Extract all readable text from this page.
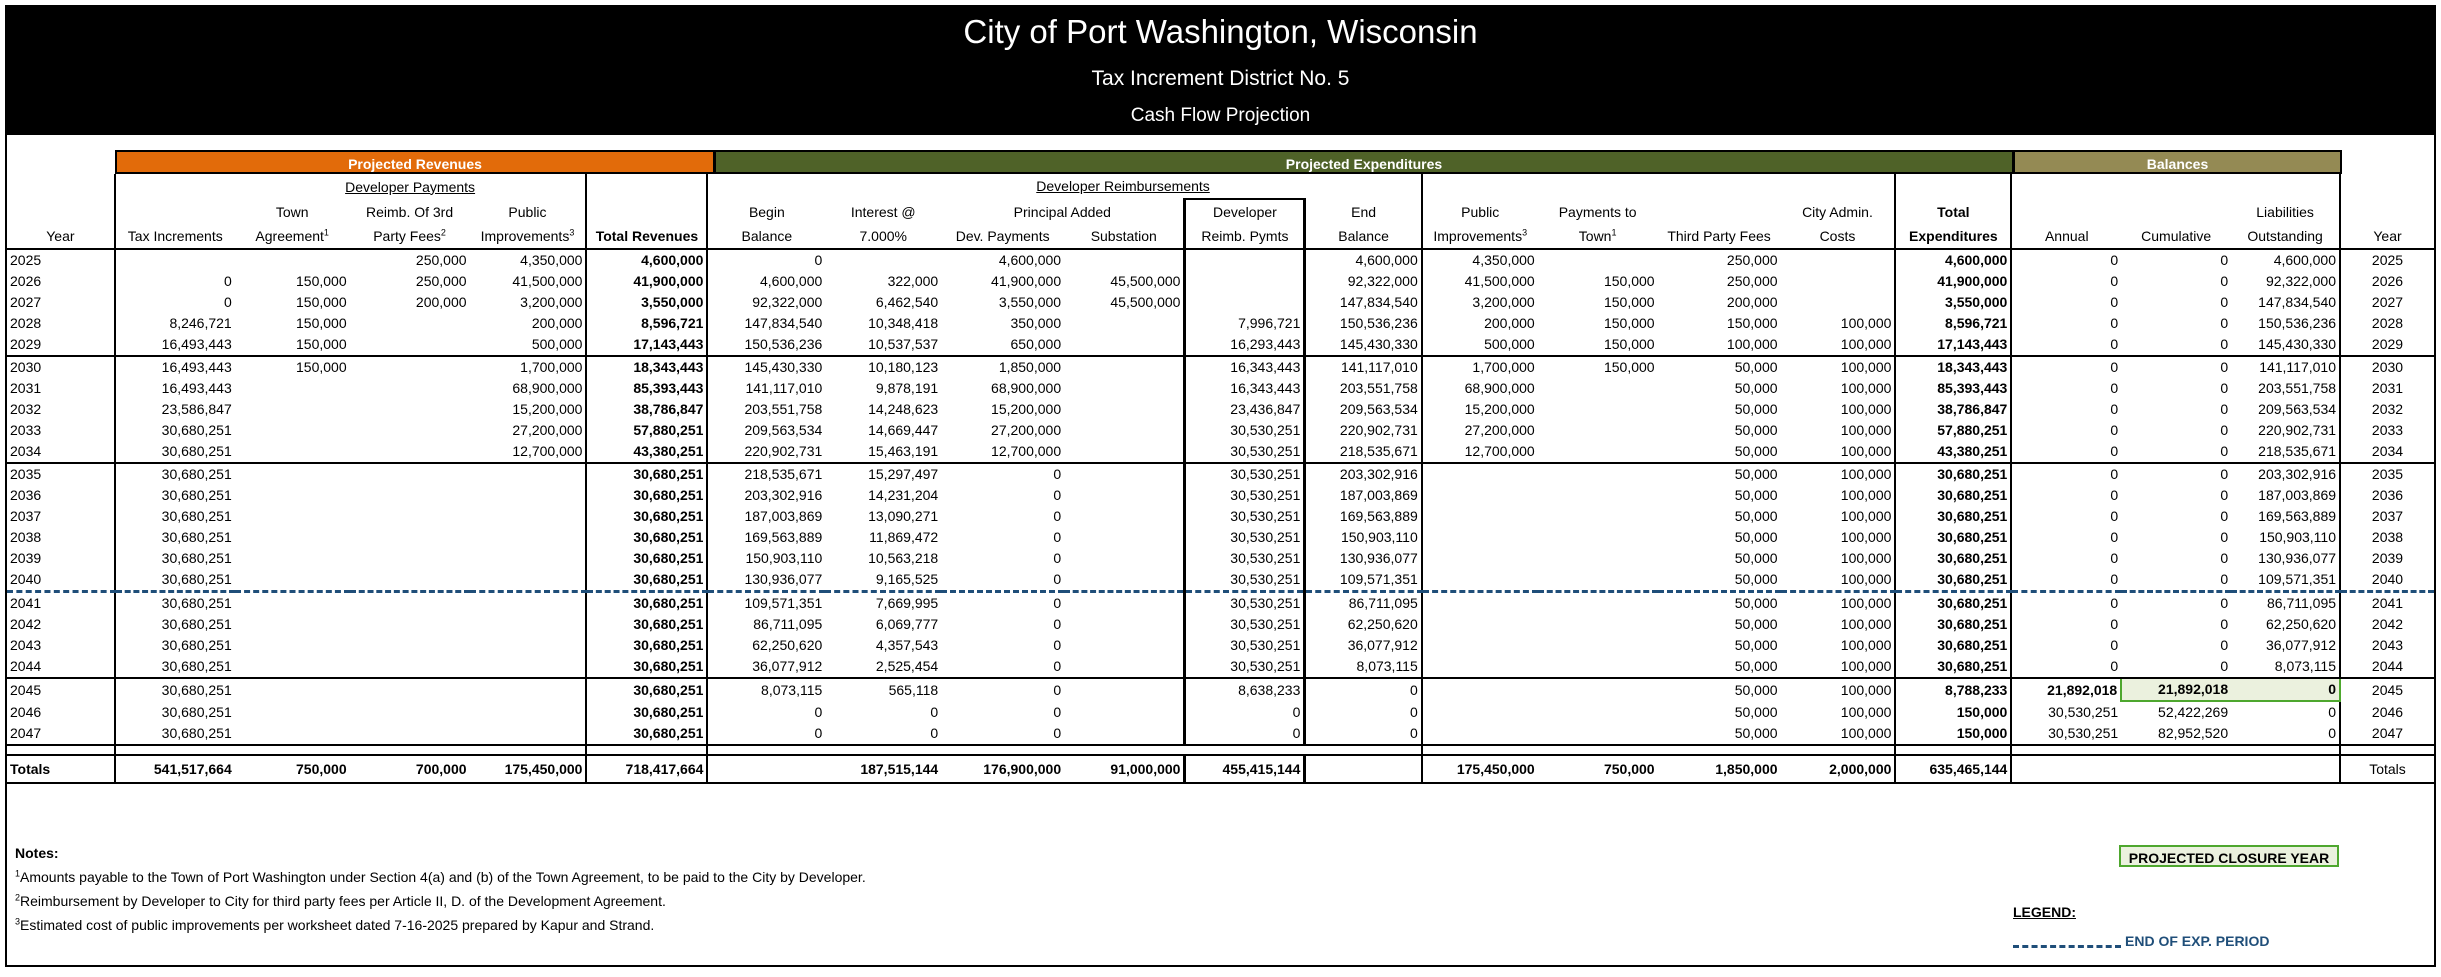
City of Port Washington, Wisconsin
Tax Increment District No. 5
Cash Flow Projection
Projected Revenues	Projected Expenditures	Balances
		Developer Payments						Developer Reimbursements												
		Town	Reimb. Of 3rd	Public		Begin	Interest @	Principal Added		Developer	End	Public	Payments to		City Admin.	Total			Liabilities	
Year	Tax Increments	Agreement$^1$	Party Fees$^2$	Improvements$^3$	Total Revenues	Balance	7.000%	Dev. Payments	Substation	Reimb. Pymts	Balance	Improvements$^3$	Town$^1$	Third Party Fees	Costs	Expenditures	Annual	Cumulative	Outstanding	Year
2025			250,000	4,350,000	4,600,000	0		4,600,000			4,600,000	4,350,000		250,000		4,600,000	0	0	4,600,000	2025
2026	0	150,000	250,000	41,500,000	41,900,000	4,600,000	322,000	41,900,000	45,500,000		92,322,000	41,500,000	150,000	250,000		41,900,000	0	0	92,322,000	2026
2027	0	150,000	200,000	3,200,000	3,550,000	92,322,000	6,462,540	3,550,000	45,500,000		147,834,540	3,200,000	150,000	200,000		3,550,000	0	0	147,834,540	2027
2028	8,246,721	150,000		200,000	8,596,721	147,834,540	10,348,418	350,000		7,996,721	150,536,236	200,000	150,000	150,000	100,000	8,596,721	0	0	150,536,236	2028
2029	16,493,443	150,000		500,000	17,143,443	150,536,236	10,537,537	650,000		16,293,443	145,430,330	500,000	150,000	100,000	100,000	17,143,443	0	0	145,430,330	2029
2030	16,493,443	150,000		1,700,000	18,343,443	145,430,330	10,180,123	1,850,000		16,343,443	141,117,010	1,700,000	150,000	50,000	100,000	18,343,443	0	0	141,117,010	2030
2031	16,493,443			68,900,000	85,393,443	141,117,010	9,878,191	68,900,000		16,343,443	203,551,758	68,900,000		50,000	100,000	85,393,443	0	0	203,551,758	2031
2032	23,586,847			15,200,000	38,786,847	203,551,758	14,248,623	15,200,000		23,436,847	209,563,534	15,200,000		50,000	100,000	38,786,847	0	0	209,563,534	2032
2033	30,680,251			27,200,000	57,880,251	209,563,534	14,669,447	27,200,000		30,530,251	220,902,731	27,200,000		50,000	100,000	57,880,251	0	0	220,902,731	2033
2034	30,680,251			12,700,000	43,380,251	220,902,731	15,463,191	12,700,000		30,530,251	218,535,671	12,700,000		50,000	100,000	43,380,251	0	0	218,535,671	2034
2035	30,680,251				30,680,251	218,535,671	15,297,497	0		30,530,251	203,302,916			50,000	100,000	30,680,251	0	0	203,302,916	2035
2036	30,680,251				30,680,251	203,302,916	14,231,204	0		30,530,251	187,003,869			50,000	100,000	30,680,251	0	0	187,003,869	2036
2037	30,680,251				30,680,251	187,003,869	13,090,271	0		30,530,251	169,563,889			50,000	100,000	30,680,251	0	0	169,563,889	2037
2038	30,680,251				30,680,251	169,563,889	11,869,472	0		30,530,251	150,903,110			50,000	100,000	30,680,251	0	0	150,903,110	2038
2039	30,680,251				30,680,251	150,903,110	10,563,218	0		30,530,251	130,936,077			50,000	100,000	30,680,251	0	0	130,936,077	2039
2040	30,680,251				30,680,251	130,936,077	9,165,525	0		30,530,251	109,571,351			50,000	100,000	30,680,251	0	0	109,571,351	2040
2041	30,680,251				30,680,251	109,571,351	7,669,995	0		30,530,251	86,711,095			50,000	100,000	30,680,251	0	0	86,711,095	2041
2042	30,680,251				30,680,251	86,711,095	6,069,777	0		30,530,251	62,250,620			50,000	100,000	30,680,251	0	0	62,250,620	2042
2043	30,680,251				30,680,251	62,250,620	4,357,543	0		30,530,251	36,077,912			50,000	100,000	30,680,251	0	0	36,077,912	2043
2044	30,680,251				30,680,251	36,077,912	2,525,454	0		30,530,251	8,073,115			50,000	100,000	30,680,251	0	0	8,073,115	2044
2045	30,680,251				30,680,251	8,073,115	565,118	0		8,638,233	0			50,000	100,000	8,788,233	21,892,018	21,892,018	0	2045
2046	30,680,251				30,680,251	0	0	0		0	0			50,000	100,000	150,000	30,530,251	52,422,269	0	2046
2047	30,680,251				30,680,251	0	0	0		0	0			50,000	100,000	150,000	30,530,251	82,952,520	0	2047

Totals	541,517,664	750,000	700,000	175,450,000	718,417,664		187,515,144	176,900,000	91,000,000	455,415,144		175,450,000	750,000	1,850,000	2,000,000	635,465,144				Totals
Notes:
$^1$Amounts payable to the Town of Port Washington under Section 4(a) and (b) of the Town Agreement, to be paid to the City by Developer.
$^2$Reimbursement by Developer to City for third party fees per Article II, D. of the Development Agreement.
$^3$Estimated cost of public improvements per worksheet dated 7-16-2025 prepared by Kapur and Strand.
PROJECTED CLOSURE YEAR
LEGEND:
END OF EXP. PERIOD
